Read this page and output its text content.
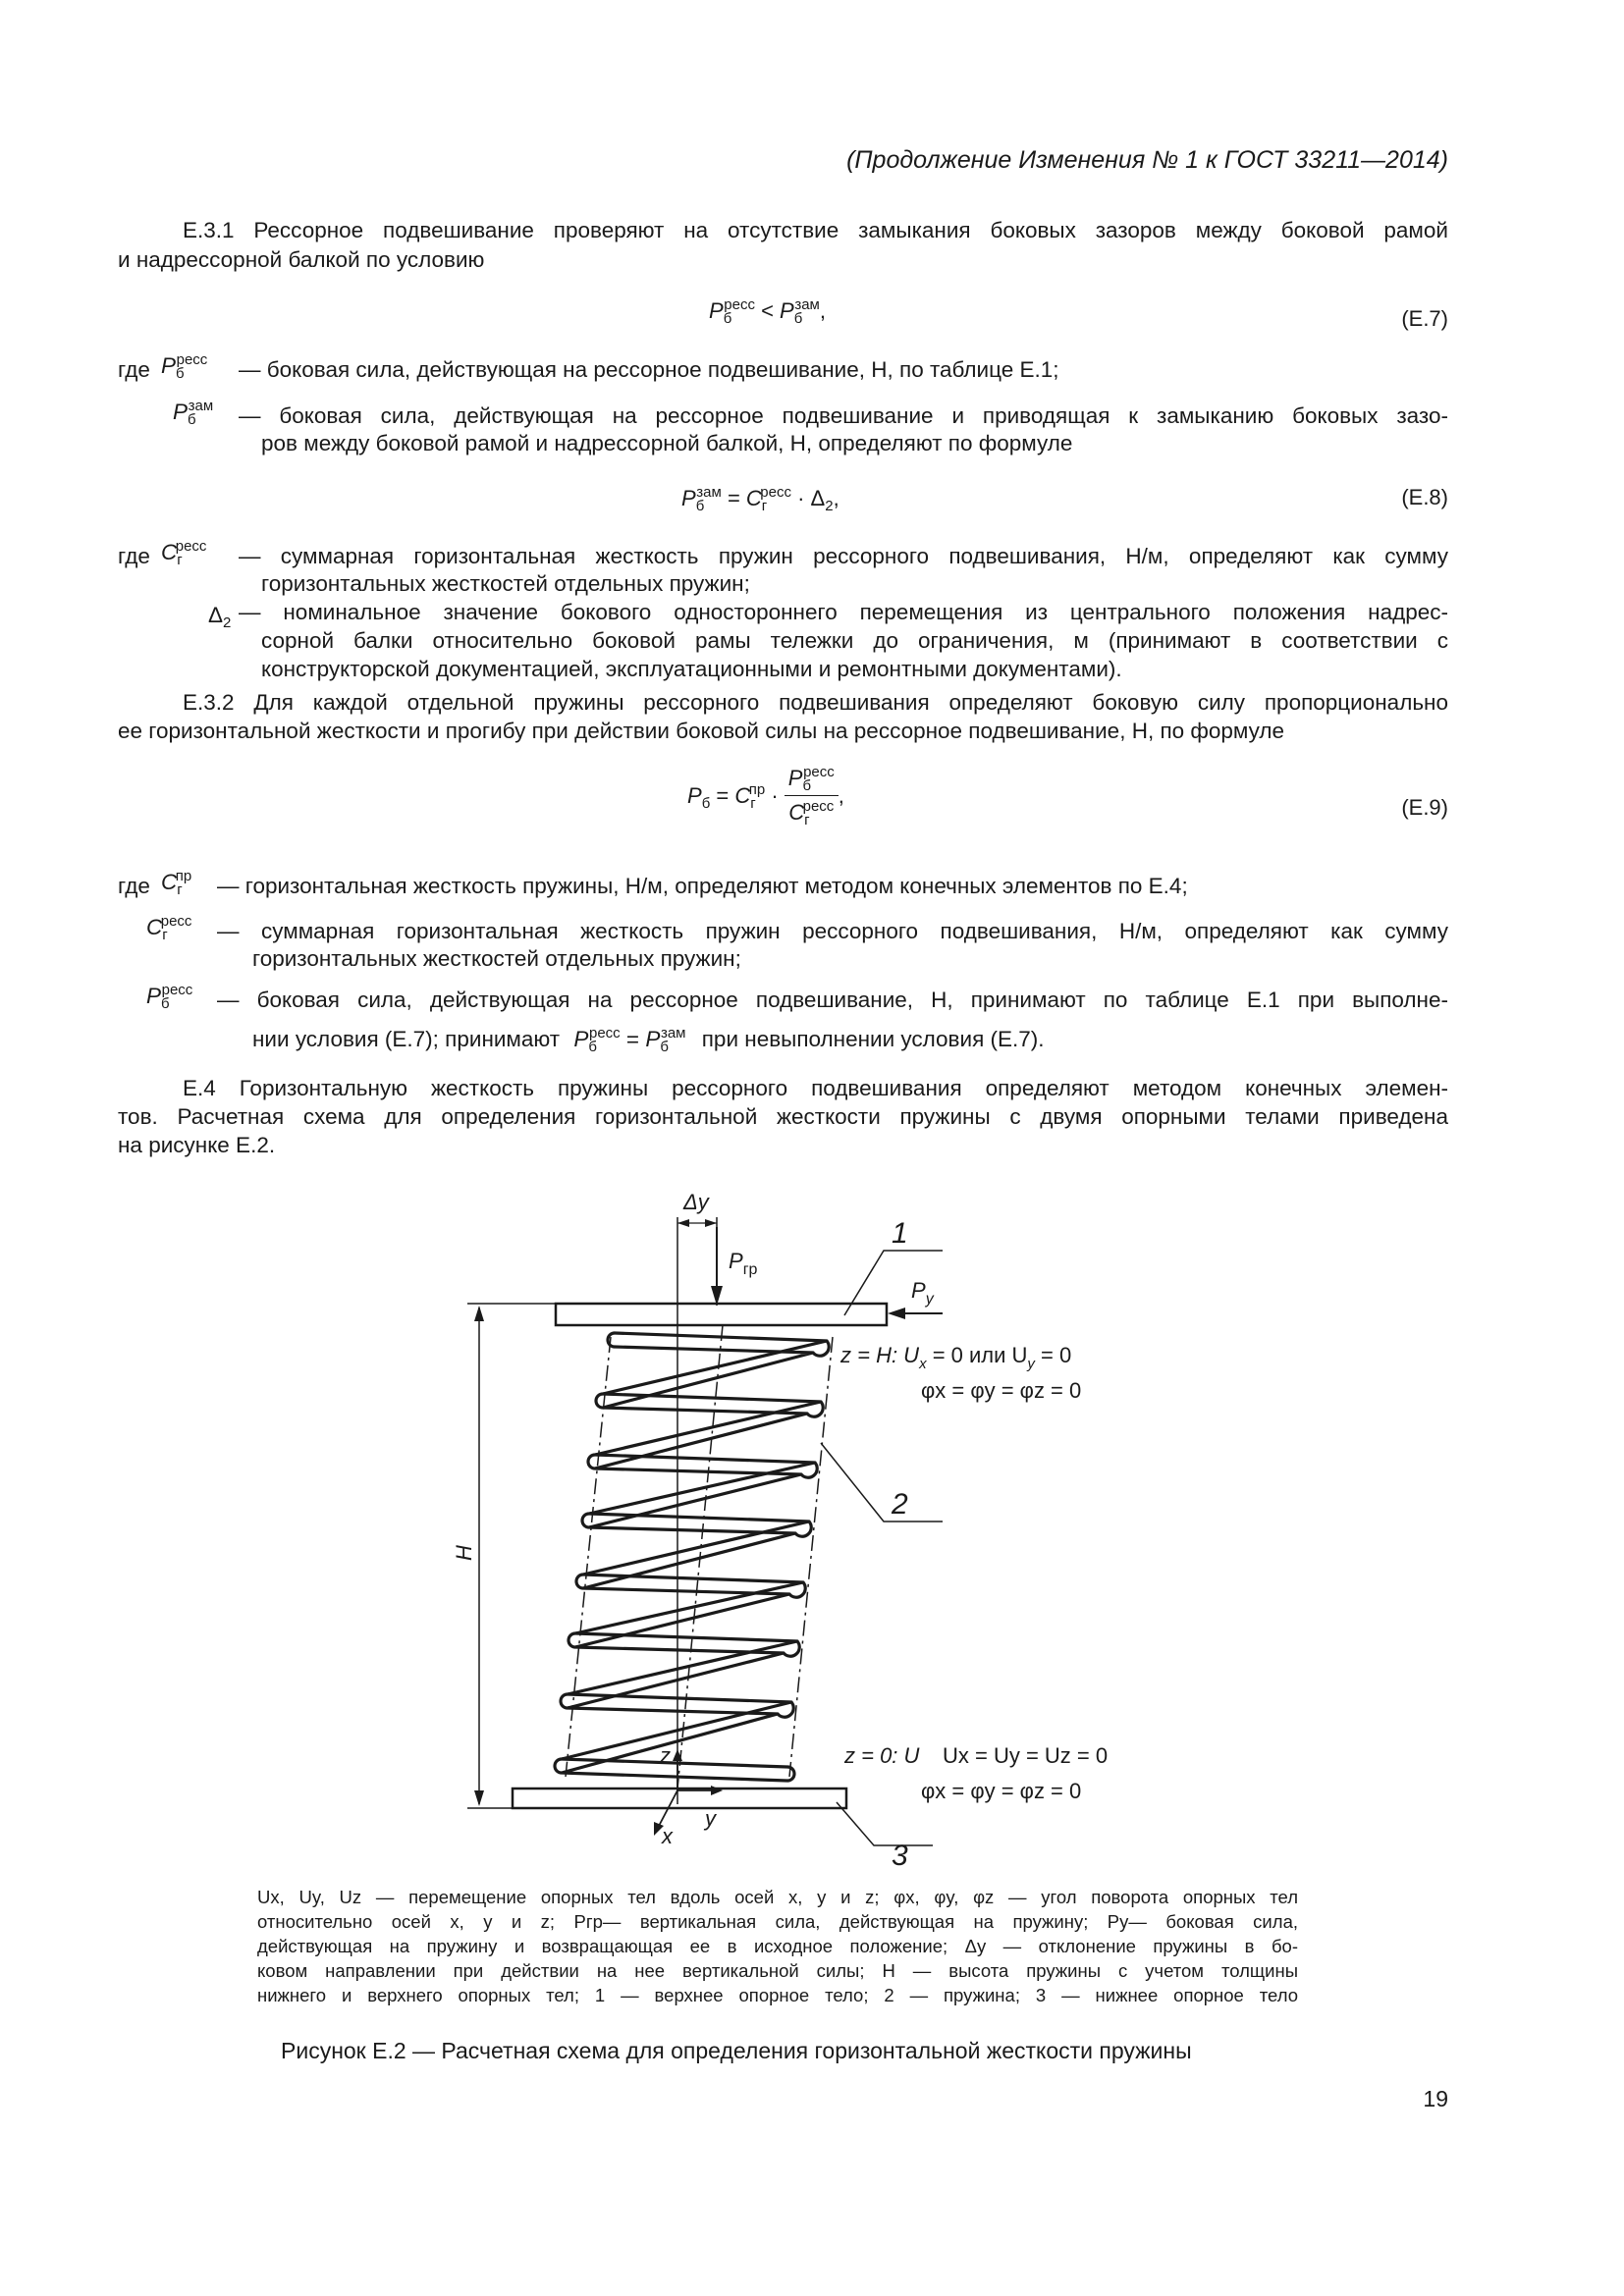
(Продолжение Изменения № 1 к ГОСТ 33211—2014)
Е.3.1 Рессорное подвешивание проверяют на отсутствие замыкания боковых зазоров между боковой рамой
и надрессорной балкой по условию
$P_б^{ресс} < P_б^{зам}$,	(Е.7)
где $P_б^{ресс}$ — боковая сила, действующая на рессорное подвешивание, Н, по таблице Е.1;
$P_б^{зам}$ — боковая сила, действующая на рессорное подвешивание и приводящая к замыканию боковых зазо-
ров между боковой рамой и надрессорной балкой, Н, определяют по формуле
$P_б^{зам} = C_г^{ресс} \cdot \Delta_2$,	(Е.8)
где $C_г^{ресс}$ — суммарная горизонтальная жесткость пружин рессорного подвешивания, Н/м, определяют как сумму
горизонтальных жесткостей отдельных пружин;
$\Delta_2$ — номинальное значение бокового одностороннего перемещения из центрального положения надрес-
сорной балки относительно боковой рамы тележки до ограничения, м (принимают в соответствии с
конструкторской документацией, эксплуатационными и ремонтными документами).
Е.3.2 Для каждой отдельной пружины рессорного подвешивания определяют боковую силу пропорционально
ее горизонтальной жесткости и прогибу при действии боковой силы на рессорное подвешивание, Н, по формуле
$P_б = C_г^{пр} \cdot \frac{P_б^{ресс}}{C_г^{ресс}}$ ,	(Е.9)
где $C_г^{пр}$ — горизонтальная жесткость пружины, Н/м, определяют методом конечных элементов по Е.4;
$C_г^{ресс}$ — суммарная горизонтальная жесткость пружин рессорного подвешивания, Н/м, определяют как сумму
горизонтальных жесткостей отдельных пружин;
$P_б^{ресс}$ — боковая сила, действующая на рессорное подвешивание, Н, принимают по таблице Е.1 при выполне-
нии условия (Е.7); принимают $P_б^{ресс} = P_б^{зам}$ при невыполнении условия (Е.7).
Е.4 Горизонтальную жесткость пружины рессорного подвешивания определяют методом конечных элемен-
тов. Расчетная схема для определения горизонтальной жесткости пружины с двумя опорными телами приведена
на рисунке Е.2.
Δy
$P_{гр}$
$P_y$
1
2
3
H
z
y
x
z = H: $U_x = 0$ или $U_y = 0$
φx = φy = φz = 0
z = 0: U Ux = Uy = Uz = 0
φx = φy = φz = 0
Ux, Uy, Uz — перемещение опорных тел вдоль осей x, y и z; φx, φy, φz — угол поворота опорных тел
относительно осей x, y и z; Pгр— вертикальная сила, действующая на пружину; Py— боковая сила,
действующая на пружину и возвращающая ее в исходное положение; Δy — отклонение пружины в бо-
ковом направлении при действии на нее вертикальной силы; H — высота пружины с учетом толщины
нижнего и верхнего опорных тел; 1 — верхнее опорное тело; 2 — пружина; 3 — нижнее опорное тело
Рисунок Е.2 — Расчетная схема для определения горизонтальной жесткости пружины
19
